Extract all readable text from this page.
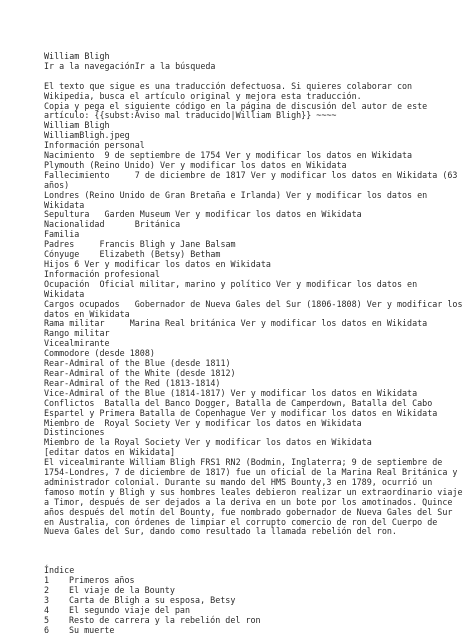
William Bligh
Ir a la navegaciónIr a la búsqueda
El texto que sigue es una traducción defectuosa. Si quieres colaborar con
Wikipedia, busca el artículo original y mejora esta traducción.
Copia y pega el siguiente código en la página de discusión del autor de este
artículo: {{subst:Aviso mal traducido|William Bligh}} ~~~~
William Bligh
WilliamBligh.jpeg
Información personal
Nacimiento  9 de septiembre de 1754 Ver y modificar los datos en Wikidata
Plymouth (Reino Unido) Ver y modificar los datos en Wikidata
Fallecimiento     7 de diciembre de 1817 Ver y modificar los datos en Wikidata (63
años)
Londres (Reino Unido de Gran Bretaña e Irlanda) Ver y modificar los datos en
Wikidata
Sepultura   Garden Museum Ver y modificar los datos en Wikidata
Nacionalidad      Británica
Familia
Padres     Francis Bligh y Jane Balsam
Cónyuge    Elizabeth (Betsy) Betham
Hijos 6 Ver y modificar los datos en Wikidata
Información profesional
Ocupación  Oficial militar, marino y político Ver y modificar los datos en
Wikidata
Cargos ocupados   Gobernador de Nueva Gales del Sur (1806-1808) Ver y modificar los
datos en Wikidata
Rama militar     Marina Real británica Ver y modificar los datos en Wikidata
Rango militar
Vicealmirante
Commodore (desde 1808)
Rear-Admiral of the Blue (desde 1811)
Rear-Admiral of the White (desde 1812)
Rear-Admiral of the Red (1813-1814)
Vice-Admiral of the Blue (1814-1817) Ver y modificar los datos en Wikidata
Conflictos  Batalla del Banco Dogger, Batalla de Camperdown, Batalla del Cabo
Espartel y Primera Batalla de Copenhague Ver y modificar los datos en Wikidata
Miembro de  Royal Society Ver y modificar los datos en Wikidata
Distinciones
Miembro de la Royal Society Ver y modificar los datos en Wikidata
[editar datos en Wikidata]
El vicealmirante William Bligh FRS1 RN2 (Bodmin, Inglaterra; 9 de septiembre de
1754-Londres, 7 de diciembre de 1817) fue un oficial de la Marina Real Británica y
administrador colonial. Durante su mando del HMS Bounty,3 en 1789, ocurrió un
famoso motín y Bligh y sus hombres leales debieron realizar un extraordinario viaje
a Timor, después de ser dejados a la deriva en un bote por los amotinados. Quince
años después del motín del Bounty, fue nombrado gobernador de Nueva Gales del Sur
en Australia, con órdenes de limpiar el corrupto comercio de ron del Cuerpo de
Nueva Gales del Sur, dando como resultado la llamada rebelión del ron.
Índice
1	Primeros años
2	El viaje de la Bounty
3	Carta de Bligh a su esposa, Betsy
4	El segundo viaje del pan
5	Resto de carrera y la rebelión del ron
6	Su muerte
